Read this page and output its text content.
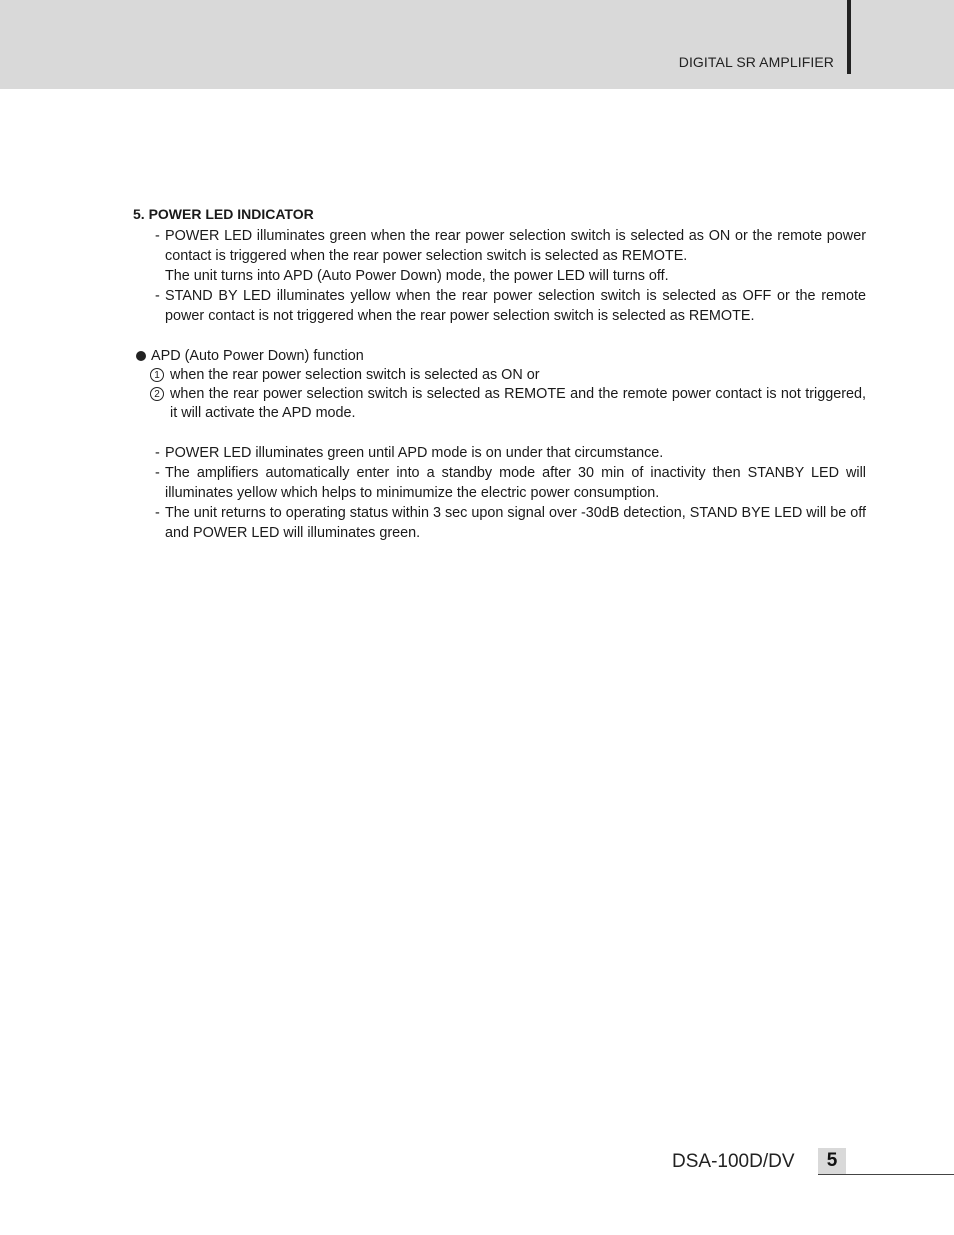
DIGITAL SR AMPLIFIER
5. POWER LED INDICATOR
- POWER LED illuminates green when the rear power selection switch is selected as ON or the remote power contact is triggered when the rear power selection switch is selected as REMOTE.
The unit turns into APD (Auto Power Down) mode, the power LED will turns off.
- STAND BY LED illuminates yellow when the rear power selection switch is selected as OFF or the remote power contact is not triggered when the rear power selection switch is selected as REMOTE.
APD (Auto Power Down) function
1 when the rear power selection switch is selected as ON or
2 when the rear power selection switch is selected as REMOTE and the remote power contact is not triggered, it will activate the APD mode.
- POWER LED illuminates green until APD mode is on under that circumstance.
- The amplifiers automatically enter into a standby mode after 30 min of inactivity then STANBY LED will illuminates yellow which helps to minimumize the electric power consumption.
- The unit returns to operating status within 3 sec upon signal over -30dB detection, STAND BYE LED will be off and POWER LED will illuminates green.
DSA-100D/DV	5
